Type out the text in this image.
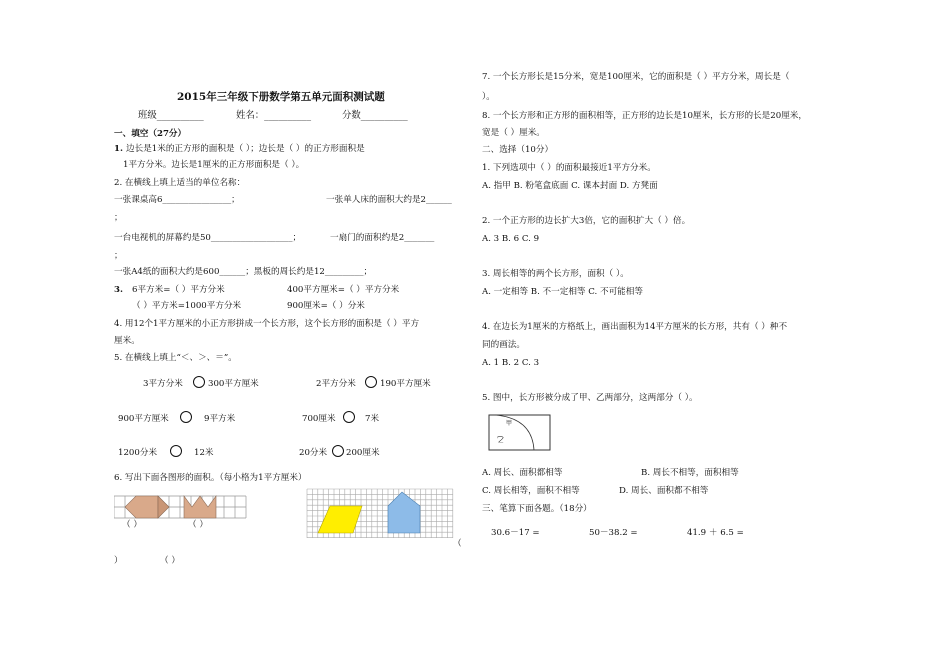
2015年三年级下册数学第五单元面积测试题
班级__________	姓名：__________	分数__________
一、填空（27分）
1. 边长是1米的正方形的面积是（ ）；边长是（ ）的正方形面积是
1平方分米。边长是1厘米的正方形面积是（ ）。
2. 在横线上填上适当的单位名称：
一张课桌高6________________；	一张单人床的面积大约是2______
；
一台电视机的屏幕约是50___________________；	一扇门的面积约是2_______
；
一张A4纸的面积大约是600______；黑板的周长约是12_________；
3. 6平方米=（ ）平方分米	400平方厘米=（ ）平方分米
（ ）平方米=1000平方分米	900厘米=（ ）分米
4. 用12个1平方厘米的小正方形拼成一个长方形，这个长方形的面积是（ ）平方
厘米。
5. 在横线上填上“＜、＞、＝”。
3平方分米	300平方厘米	2平方分米	190平方厘米
900平方厘米	9平方米	700厘米	7米
1200分米	12米	20分米 200厘米
6. 写出下面各图形的面积。（每小格为1平方厘米）
（ ）	（ ）
）	（ ）
（
7. 一个长方形长是15分米，宽是100厘米，它的面积是（ ）平方分米，周长是（
）。
8. 一个长方形和正方形的面积相等，正方形的边长是10厘米，长方形的长是20厘米，
宽是（ ）厘米。
二、选择（10分）
1. 下列选项中（ ）的面积最接近1平方分米。
A. 指甲 B. 粉笔盒底面 C. 课本封面 D. 方凳面
2. 一个正方形的边长扩大3倍，它的面积扩大（ ）倍。
A. 3 B. 6 C. 9
3. 周长相等的两个长方形，面积（ ）。
A. 一定相等 B. 不一定相等 C. 不可能相等
4. 在边长为1厘米的方格纸上，画出面积为14平方厘米的长方形，共有（ ）种不
同的画法。
A. 1 B. 2 C. 3
5. 图中，长方形被分成了甲、乙两部分，这两部分（ ）。
甲
乙
A. 周长、面积都相等	B. 周长不相等，面积相等
C. 周长相等，面积不相等	D. 周长、面积都不相等
三、笔算下面各题。（18分）
30.6－17 =	50－38.2 =	41.9 ＋ 6.5 =
